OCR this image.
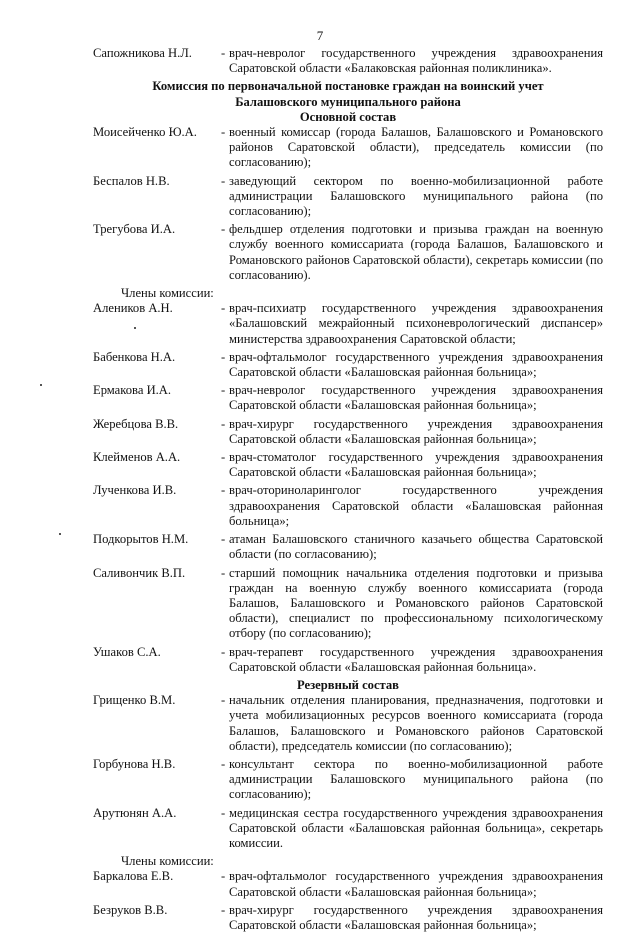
7
Сапожникова Н.Л.	- врач-невролог государственного учреждения здравоохранения Саратовской области «Балаковская районная поликлиника».
Комиссия по первоначальной постановке граждан на воинский учет
Балашовского муниципального района
Основной состав
Моисейченко Ю.А.	- военный комиссар (города Балашов, Балашовского и Романовского районов Саратовской области), председатель комиссии (по согласованию);
Беспалов Н.В.	- заведующий сектором по военно-мобилизационной работе администрации Балашовского муниципального района (по согласованию);
Трегубова И.А.	- фельдшер отделения подготовки и призыва граждан на военную службу военного комиссариата (города Балашов, Балашовского и Романовского районов Саратовской области), секретарь комиссии (по согласованию).
Члены комиссии:
Алеников А.Н.	- врач-психиатр государственного учреждения здравоохранения «Балашовский межрайонный психоневрологический диспансер» министерства здравоохранения Саратовской области;
Бабенкова Н.А.	- врач-офтальмолог государственного учреждения здравоохранения Саратовской области «Балашовская районная больница»;
Ермакова И.А.	- врач-невролог государственного учреждения здравоохранения Саратовской области «Балашовская районная больница»;
Жеребцова В.В.	- врач-хирург государственного учреждения здравоохранения Саратовской области «Балашовская районная больница»;
Клейменов А.А.	- врач-стоматолог государственного учреждения здравоохранения Саратовской области «Балашовская районная больница»;
Лученкова И.В.	- врач-оториноларинголог государственного учреждения здравоохранения Саратовской области «Балашовская районная больница»;
Подкорытов Н.М.	- атаман Балашовского станичного казачьего общества Саратовской области (по согласованию);
Саливончик В.П.	- старший помощник начальника отделения подготовки и призыва граждан на военную службу военного комиссариата (города Балашов, Балашовского и Романовского районов Саратовской области), специалист по профессиональному психологическому отбору (по согласованию);
Ушаков С.А.	- врач-терапевт государственного учреждения здравоохранения Саратовской области «Балашовская районная больница».
Резервный состав
Грищенко В.М.	- начальник отделения планирования, предназначения, подготовки и учета мобилизационных ресурсов военного комиссариата (города Балашов, Балашовского и Романовского районов Саратовской области), председатель комиссии (по согласованию);
Горбунова Н.В.	- консультант сектора по военно-мобилизационной работе администрации Балашовского муниципального района (по согласованию);
Арутюнян А.А.	- медицинская сестра государственного учреждения здравоохранения Саратовской области «Балашовская районная больница», секретарь комиссии.
Члены комиссии:
Баркалова Е.В.	- врач-офтальмолог государственного учреждения здравоохранения Саратовской области «Балашовская районная больница»;
Безруков В.В.	- врач-хирург государственного учреждения здравоохранения Саратовской области «Балашовская районная больница»;
